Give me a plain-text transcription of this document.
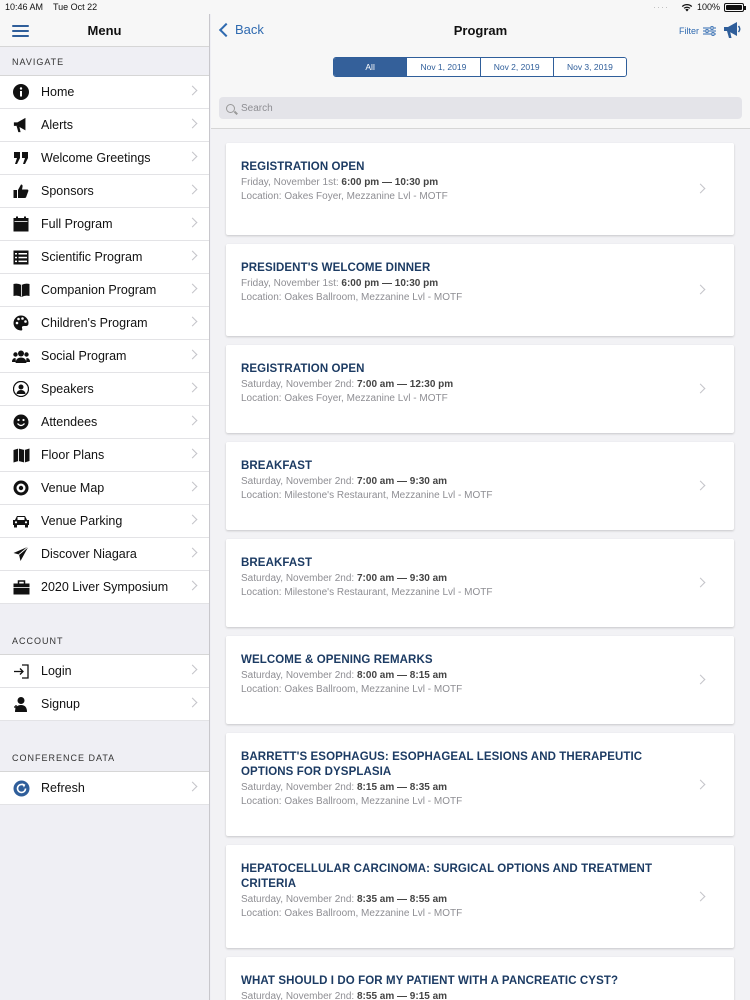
10:46 AM Tue Oct 22	····	100%
Menu
NAVIGATE
Home
Alerts
Welcome Greetings
Sponsors
Full Program
Scientific Program
Companion Program
Children's Program
Social Program
Speakers
Attendees
Floor Plans
Venue Map
Venue Parking
Discover Niagara
2020 Liver Symposium
ACCOUNT
Login
Signup
CONFERENCE DATA
Refresh
Back	Program	Filter
All	Nov 1, 2019	Nov 2, 2019	Nov 3, 2019
Search
REGISTRATION OPEN
Friday, November 1st: 6:00 pm — 10:30 pm
Location: Oakes Foyer, Mezzanine Lvl - MOTF
PRESIDENT'S WELCOME DINNER
Friday, November 1st: 6:00 pm — 10:30 pm
Location: Oakes Ballroom, Mezzanine Lvl - MOTF
REGISTRATION OPEN
Saturday, November 2nd: 7:00 am — 12:30 pm
Location: Oakes Foyer, Mezzanine Lvl - MOTF
BREAKFAST
Saturday, November 2nd: 7:00 am — 9:30 am
Location: Milestone's Restaurant, Mezzanine Lvl - MOTF
BREAKFAST
Saturday, November 2nd: 7:00 am — 9:30 am
Location: Milestone's Restaurant, Mezzanine Lvl - MOTF
WELCOME & OPENING REMARKS
Saturday, November 2nd: 8:00 am — 8:15 am
Location: Oakes Ballroom, Mezzanine Lvl - MOTF
BARRETT'S ESOPHAGUS: ESOPHAGEAL LESIONS AND THERAPEUTIC OPTIONS FOR DYSPLASIA
Saturday, November 2nd: 8:15 am — 8:35 am
Location: Oakes Ballroom, Mezzanine Lvl - MOTF
HEPATOCELLULAR CARCINOMA: SURGICAL OPTIONS AND TREATMENT CRITERIA
Saturday, November 2nd: 8:35 am — 8:55 am
Location: Oakes Ballroom, Mezzanine Lvl - MOTF
WHAT SHOULD I DO FOR MY PATIENT WITH A PANCREATIC CYST?
Saturday, November 2nd: 8:55 am — 9:15 am
